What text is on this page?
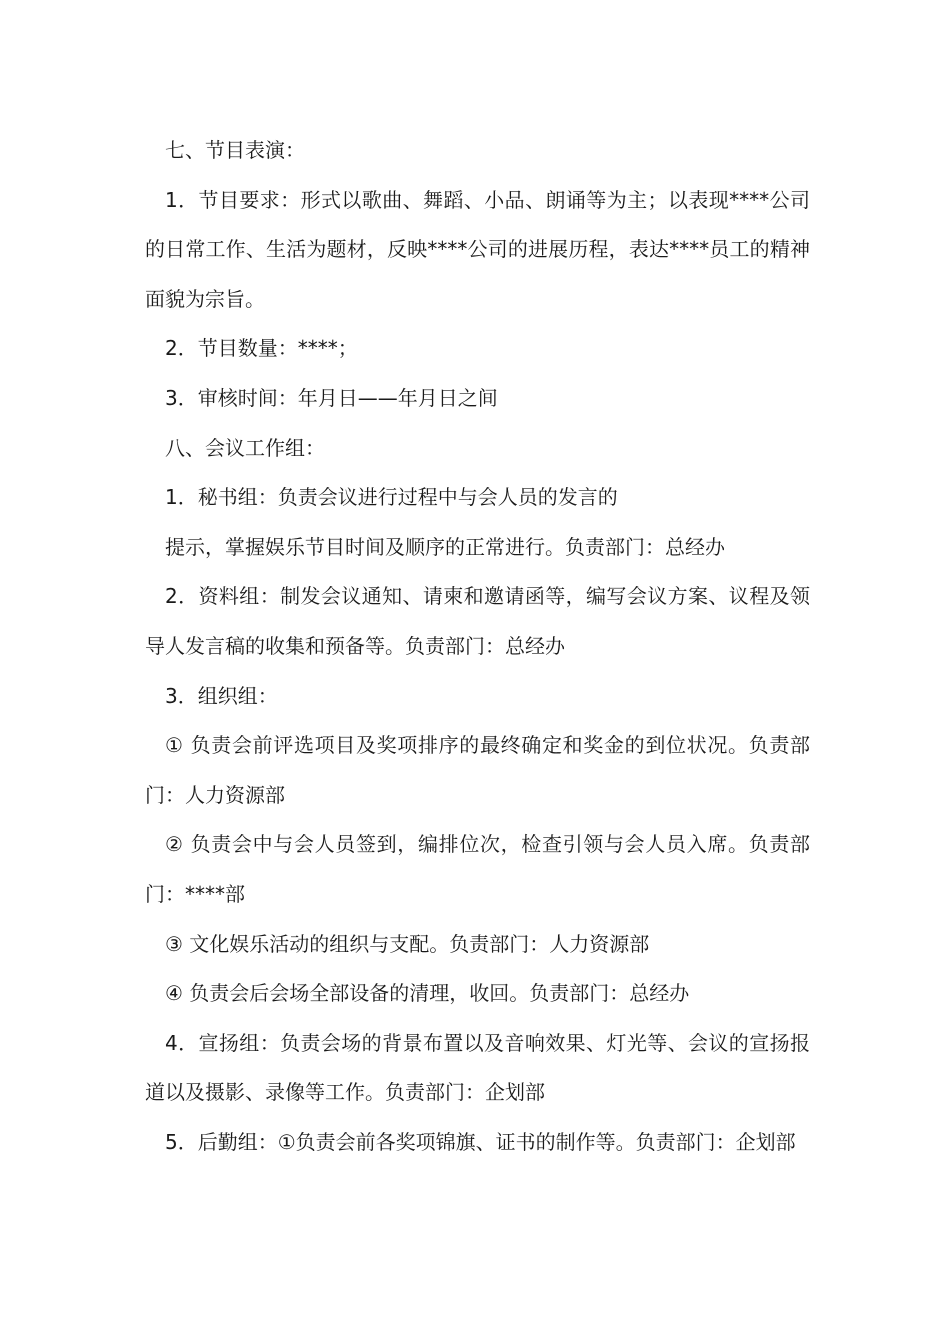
七、节目表演：

1．节目要求：形式以歌曲、舞蹈、小品、朗诵等为主；以表现****公司的日常工作、生活为题材，反映****公司的进展历程，表达****员工的精神面貌为宗旨。

2．节目数量：****；

3．审核时间：年月日——年月日之间

八、会议工作组：

1．秘书组：负责会议进行过程中与会人员的发言的

提示，掌握娱乐节目时间及顺序的正常进行。负责部门：总经办

2．资料组：制发会议通知、请柬和邀请函等，编写会议方案、议程及领导人发言稿的收集和预备等。负责部门：总经办

3．组织组：

① 负责会前评选项目及奖项排序的最终确定和奖金的到位状况。负责部门：人力资源部

② 负责会中与会人员签到，编排位次，检查引领与会人员入席。负责部门：****部

③ 文化娱乐活动的组织与支配。负责部门：人力资源部

④ 负责会后会场全部设备的清理，收回。负责部门：总经办

4．宣扬组：负责会场的背景布置以及音响效果、灯光等、会议的宣扬报道以及摄影、录像等工作。负责部门：企划部

5．后勤组：①负责会前各奖项锦旗、证书的制作等。负责部门：企划部
